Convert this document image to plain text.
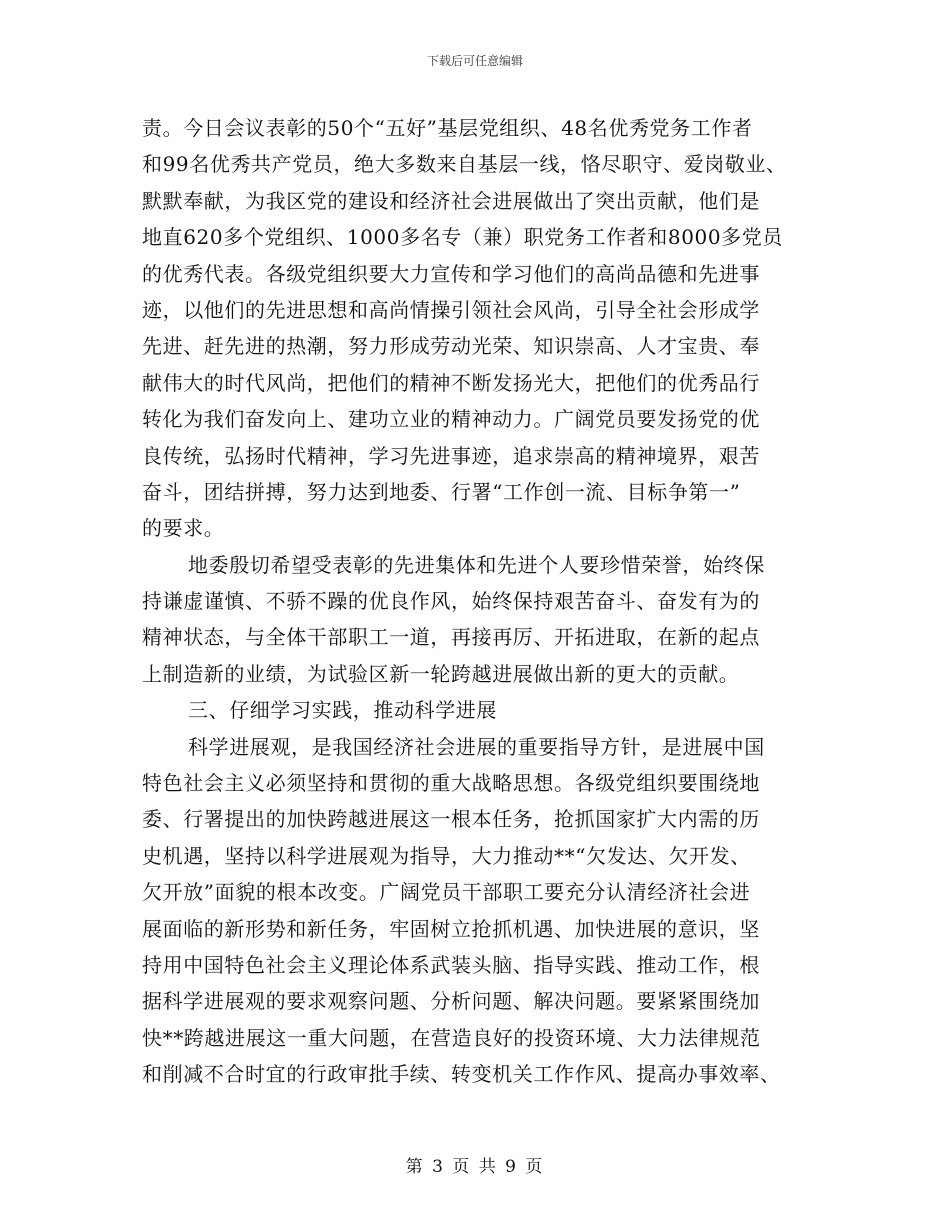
下载后可任意编辑
责。今日会议表彰的50个“五好”基层党组织、48名优秀党务工作者
和99名优秀共产党员，绝大多数来自基层一线，恪尽职守、爱岗敬业、
默默奉献，为我区党的建设和经济社会进展做出了突出贡献，他们是
地直620多个党组织、1000多名专（兼）职党务工作者和8000多党员
的优秀代表。各级党组织要大力宣传和学习他们的高尚品德和先进事
迹，以他们的先进思想和高尚情操引领社会风尚，引导全社会形成学
先进、赶先进的热潮，努力形成劳动光荣、知识崇高、人才宝贵、奉
献伟大的时代风尚，把他们的精神不断发扬光大，把他们的优秀品行
转化为我们奋发向上、建功立业的精神动力。广阔党员要发扬党的优
良传统，弘扬时代精神，学习先进事迹，追求崇高的精神境界，艰苦
奋斗，团结拼搏，努力达到地委、行署“工作创一流、目标争第一”
的要求。
地委殷切希望受表彰的先进集体和先进个人要珍惜荣誉，始终保
持谦虚谨慎、不骄不躁的优良作风，始终保持艰苦奋斗、奋发有为的
精神状态，与全体干部职工一道，再接再厉、开拓进取，在新的起点
上制造新的业绩，为试验区新一轮跨越进展做出新的更大的贡献。
三、仔细学习实践，推动科学进展
科学进展观，是我国经济社会进展的重要指导方针，是进展中国
特色社会主义必须坚持和贯彻的重大战略思想。各级党组织要围绕地
委、行署提出的加快跨越进展这一根本任务，抢抓国家扩大内需的历
史机遇，坚持以科学进展观为指导，大力推动**“欠发达、欠开发、
欠开放”面貌的根本改变。广阔党员干部职工要充分认清经济社会进
展面临的新形势和新任务，牢固树立抢抓机遇、加快进展的意识，坚
持用中国特色社会主义理论体系武装头脑、指导实践、推动工作，根
据科学进展观的要求观察问题、分析问题、解决问题。要紧紧围绕加
快**跨越进展这一重大问题，在营造良好的投资环境、大力法律规范
和削减不合时宜的行政审批手续、转变机关工作作风、提高办事效率、
第 3 页 共 9 页
